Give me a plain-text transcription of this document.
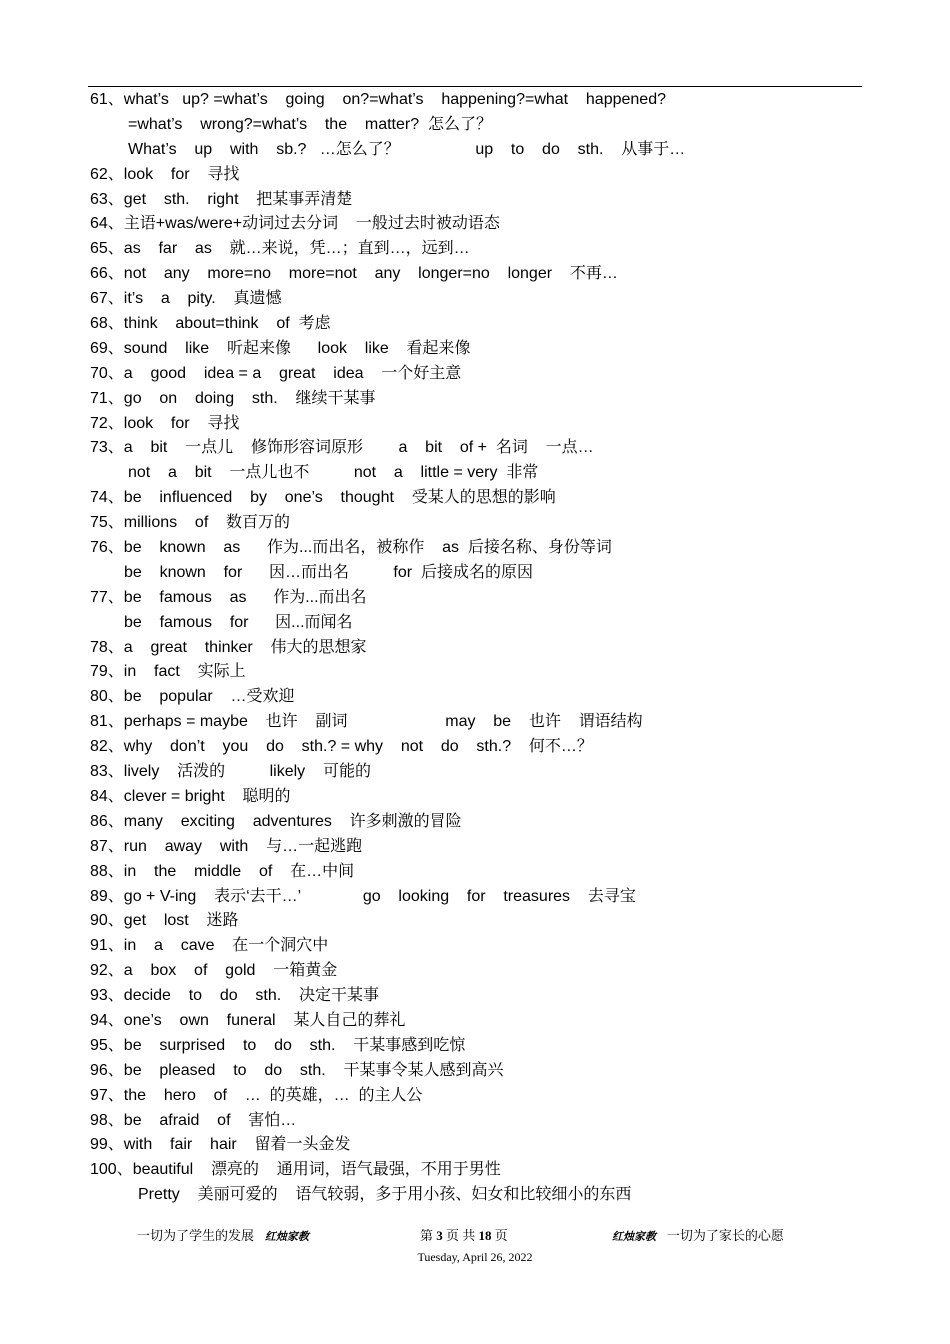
61、what’s   up? =what’s    going    on?=what’s    happening?=what    happened?
=what’s    wrong?=what’s    the    matter?  怎么了？
What’s    up    with    sb.?   …怎么了？                 up    to    do    sth.    从事于…
62、look    for    寻找
63、get    sth.    right    把某事弄清楚
64、主语+was/were+动词过去分词    一般过去时被动语态
65、as    far    as    就…来说，凭…；直到…，远到…
66、not    any    more=no    more=not    any    longer=no    longer    不再…
67、it’s    a    pity.    真遗憾
68、think    about=think    of  考虑
69、sound    like    听起来像      look    like    看起来像
70、a    good    idea = a    great    idea    一个好主意
71、go    on    doing    sth.    继续干某事
72、look    for    寻找
73、a    bit    一点儿    修饰形容词原形        a    bit    of +  名词    一点…
not    a    bit    一点儿也不          not    a    little = very  非常
74、be    influenced    by    one’s    thought    受某人的思想的影响
75、millions    of    数百万的
76、be    known    as      作为...而出名，被称作    as  后接名称、身份等词
be    known    for      因…而出名          for  后接成名的原因
77、be    famous    as      作为...而出名
be    famous    for      因...而闻名
78、a    great    thinker    伟大的思想家
79、in    fact    实际上
80、be    popular    …受欢迎
81、perhaps = maybe    也许    副词                      may    be    也许    谓语结构
82、why    don’t    you    do    sth.? = why    not    do    sth.?    何不…？
83、lively    活泼的          likely    可能的
84、clever = bright    聪明的
86、many    exciting    adventures    许多刺激的冒险
87、run    away    with    与…一起逃跑
88、in    the    middle    of    在…中间
89、go + V-ing    表示‘去干…’              go    looking    for    treasures    去寻宝
90、get    lost    迷路
91、in    a    cave    在一个洞穴中
92、a    box    of    gold    一箱黄金
93、decide    to    do    sth.    决定干某事
94、one’s    own    funeral    某人自己的葬礼
95、be    surprised    to    do    sth.    干某事感到吃惊
96、be    pleased    to    do    sth.    干某事令某人感到高兴
97、the    hero    of    …  的英雄，…  的主人公
98、be    afraid    of    害怕…
99、with    fair    hair    留着一头金发
100、beautiful    漂亮的    通用词，语气最强，不用于男性
Pretty    美丽可爱的    语气较弱，多于用小孩、妇女和比较细小的东西
一切为了学生的发展 红烛家教	第 3 页 共 18 页	红烛家教 一切为了家长的心愿
Tuesday, April 26, 2022
